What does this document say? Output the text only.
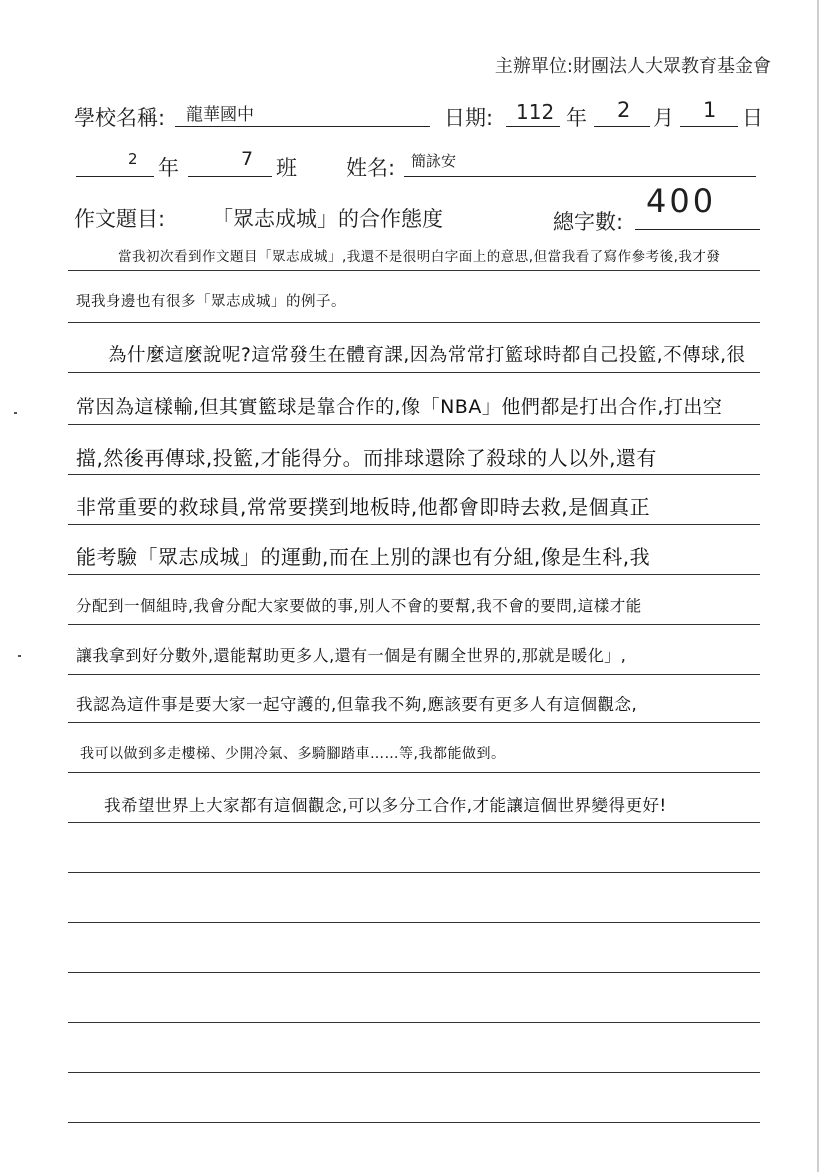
主辦單位:財團法人大眾教育基金會
學校名稱: 龍華國中	日期: 112 年 2 月 1 日
2 年	7 班 姓名: 簡詠安
作文題目: 「眾志成城」的合作態度	總字數:
400
當我初次看到作文題目「眾志成城」,我還不是很明白字面上的意思,但當我看了寫作參考後,我才發
現我身邊也有很多「眾志成城」的例子。
為什麼這麼說呢?這常發生在體育課,因為常常打籃球時都自己投籃,不傳球,很
常因為這樣輸,但其實籃球是靠合作的,像「NBA」他們都是打出合作,打出空
擋,然後再傳球,投籃,才能得分。而排球還除了殺球的人以外,還有
非常重要的救球員,常常要撲到地板時,他都會即時去救,是個真正
能考驗「眾志成城」的運動,而在上別的課也有分組,像是生科,我
分配到一個組時,我會分配大家要做的事,別人不會的要幫,我不會的要問,這樣才能
讓我拿到好分數外,還能幫助更多人,還有一個是有關全世界的,那就是暖化」,
我認為這件事是要大家一起守護的,但靠我不夠,應該要有更多人有這個觀念,
我可以做到多走樓梯、少開冷氣、多騎腳踏車……等,我都能做到。
我希望世界上大家都有這個觀念,可以多分工合作,才能讓這個世界變得更好!
